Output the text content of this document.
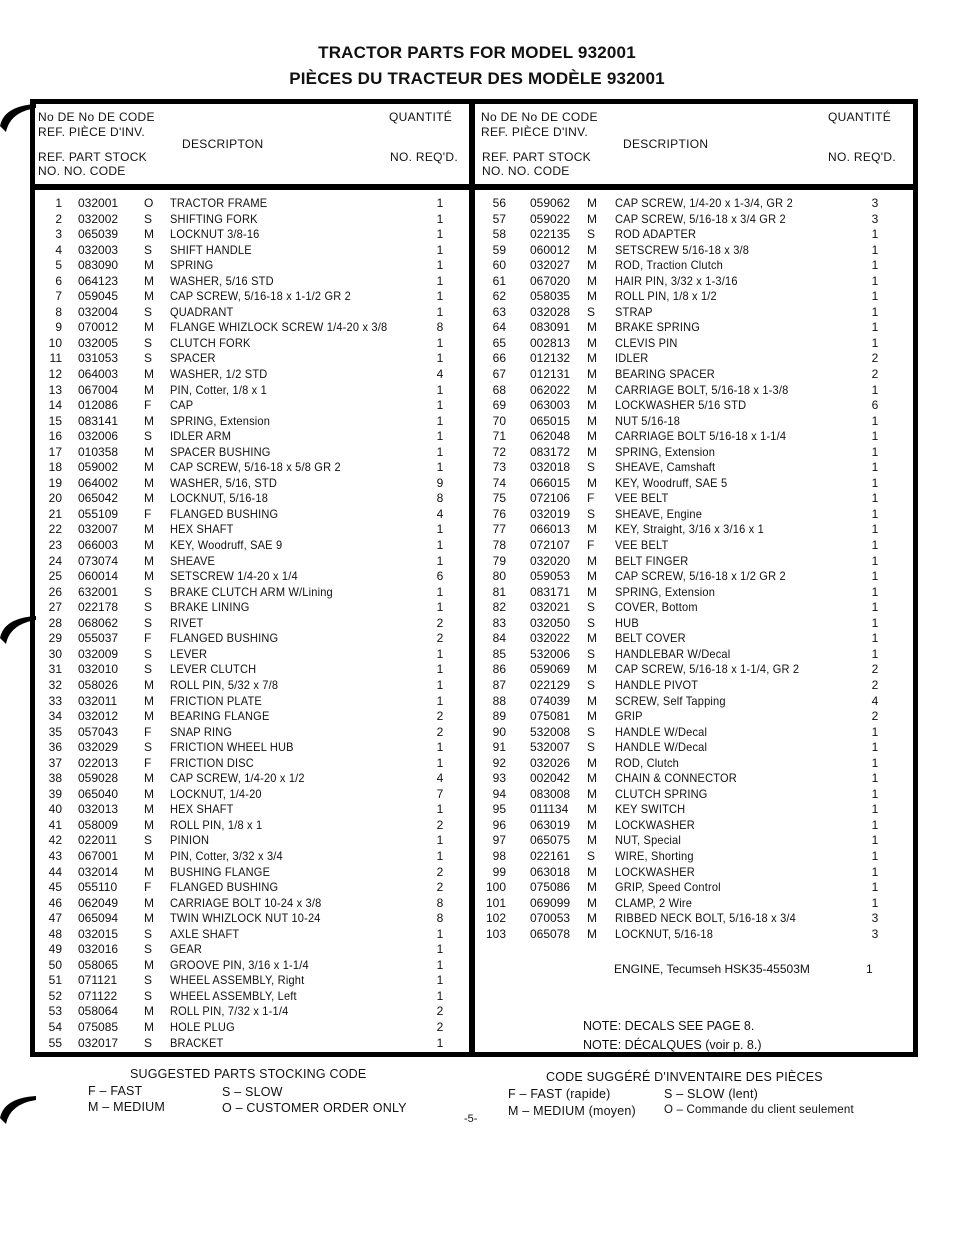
TRACTOR PARTS FOR MODEL 932001
PIÈCES DU TRACTEUR DES MODÈLE 932001
No DE No DE CODE
REF. PIÈCE D'INV.
DESCRIPTON
QUANTITÉ
REF. PART STOCK
NO. NO. CODE
NO. REQ'D.
No DE No DE CODE
REF. PIÈCE D'INV.
DESCRIPTION
QUANTITÉ
REF. PART STOCK
NO. NO. CODE
NO. REQ'D.
1 032001 O TRACTOR FRAME	1
2 032002 S SHIFTING FORK	1
3 065039 M LOCKNUT 3/8-16	1
4 032003 S SHIFT HANDLE	1
5 083090 M SPRING	1
6 064123 M WASHER, 5/16 STD	1
7 059045 M CAP SCREW, 5/16-18 x 1-1/2 GR 2	1
8 032004 S QUADRANT	1
9 070012 M FLANGE WHIZLOCK SCREW 1/4-20 x 3/8	8
10 032005 S CLUTCH FORK	1
11 031053 S SPACER	1
12 064003 M WASHER, 1/2 STD	4
13 067004 M PIN, Cotter, 1/8 x 1	1
14 012086 F CAP	1
15 083141 M SPRING, Extension	1
16 032006 S IDLER ARM	1
17 010358 M SPACER BUSHING	1
18 059002 M CAP SCREW, 5/16-18 x 5/8 GR 2	1
19 064002 M WASHER, 5/16, STD	9
20 065042 M LOCKNUT, 5/16-18	8
21 055109 F FLANGED BUSHING	4
22 032007 M HEX SHAFT	1
23 066003 M KEY, Woodruff, SAE 9	1
24 073074 M SHEAVE	1
25 060014 M SETSCREW 1/4-20 x 1/4	6
26 632001 S BRAKE CLUTCH ARM W/Lining	1
27 022178 S BRAKE LINING	1
28 068062 S RIVET	2
29 055037 F FLANGED BUSHING	2
30 032009 S LEVER	1
31 032010 S LEVER CLUTCH	1
32 058026 M ROLL PIN, 5/32 x 7/8	1
33 032011 M FRICTION PLATE	1
34 032012 M BEARING FLANGE	2
35 057043 F SNAP RING	2
36 032029 S FRICTION WHEEL HUB	1
37 022013 F FRICTION DISC	1
38 059028 M CAP SCREW, 1/4-20 x 1/2	4
39 065040 M LOCKNUT, 1/4-20	7
40 032013 M HEX SHAFT	1
41 058009 M ROLL PIN, 1/8 x 1	2
42 022011 S PINION	1
43 067001 M PIN, Cotter, 3/32 x 3/4	1
44 032014 M BUSHING FLANGE	2
45 055110 F FLANGED BUSHING	2
46 062049 M CARRIAGE BOLT 10-24 x 3/8	8
47 065094 M TWIN WHIZLOCK NUT 10-24	8
48 032015 S AXLE SHAFT	1
49 032016 S GEAR	1
50 058065 M GROOVE PIN, 3/16 x 1-1/4	1
51 071121 S WHEEL ASSEMBLY, Right	1
52 071122 S WHEEL ASSEMBLY, Left	1
53 058064 M ROLL PIN, 7/32 x 1-1/4	2
54 075085 M HOLE PLUG	2
55 032017 S BRACKET	1
56 059062 M CAP SCREW, 1/4-20 x 1-3/4, GR 2	3
57 059022 M CAP SCREW, 5/16-18 x 3/4 GR 2	3
58 022135 S ROD ADAPTER	1
59 060012 M SETSCREW 5/16-18 x 3/8	1
60 032027 M ROD, Traction Clutch	1
61 067020 M HAIR PIN, 3/32 x 1-3/16	1
62 058035 M ROLL PIN, 1/8 x 1/2	1
63 032028 S STRAP	1
64 083091 M BRAKE SPRING	1
65 002813 M CLEVIS PIN	1
66 012132 M IDLER	2
67 012131 M BEARING SPACER	2
68 062022 M CARRIAGE BOLT, 5/16-18 x 1-3/8	1
69 063003 M LOCKWASHER 5/16 STD	6
70 065015 M NUT 5/16-18	1
71 062048 M CARRIAGE BOLT 5/16-18 x 1-1/4	1
72 083172 M SPRING, Extension	1
73 032018 S SHEAVE, Camshaft	1
74 066015 M KEY, Woodruff, SAE 5	1
75 072106 F VEE BELT	1
76 032019 S SHEAVE, Engine	1
77 066013 M KEY, Straight, 3/16 x 3/16 x 1	1
78 072107 F VEE BELT	1
79 032020 M BELT FINGER	1
80 059053 M CAP SCREW, 5/16-18 x 1/2 GR 2	1
81 083171 M SPRING, Extension	1
82 032021 S COVER, Bottom	1
83 032050 S HUB	1
84 032022 M BELT COVER	1
85 532006 S HANDLEBAR W/Decal	1
86 059069 M CAP SCREW, 5/16-18 x 1-1/4, GR 2	2
87 022129 S HANDLE PIVOT	2
88 074039 M SCREW, Self Tapping	4
89 075081 M GRIP	2
90 532008 S HANDLE W/Decal	1
91 532007 S HANDLE W/Decal	1
92 032026 M ROD, Clutch	1
93 002042 M CHAIN & CONNECTOR	1
94 083008 M CLUTCH SPRING	1
95 011134 M KEY SWITCH	1
96 063019 M LOCKWASHER	1
97 065075 M NUT, Special	1
98 022161 S WIRE, Shorting	1
99 063018 M LOCKWASHER	1
100 075086 M GRIP, Speed Control	1
101 069099 M CLAMP, 2 Wire	1
102 070053 M RIBBED NECK BOLT, 5/16-18 x 3/4	3
103 065078 M LOCKNUT, 5/16-18	3
ENGINE, Tecumseh HSK35-45503M	1
NOTE: DECALS SEE PAGE 8.
NOTE: DÉCALQUES (voir p. 8.)
SUGGESTED PARTS STOCKING CODE
F – FAST
M – MEDIUM
S – SLOW
O – CUSTOMER ORDER ONLY
CODE SUGGÉRÉ D'INVENTAIRE DES PIÈCES
F – FAST (rapide)
M – MEDIUM (moyen)
S – SLOW (lent)
O – Commande du client seulement
-5-
